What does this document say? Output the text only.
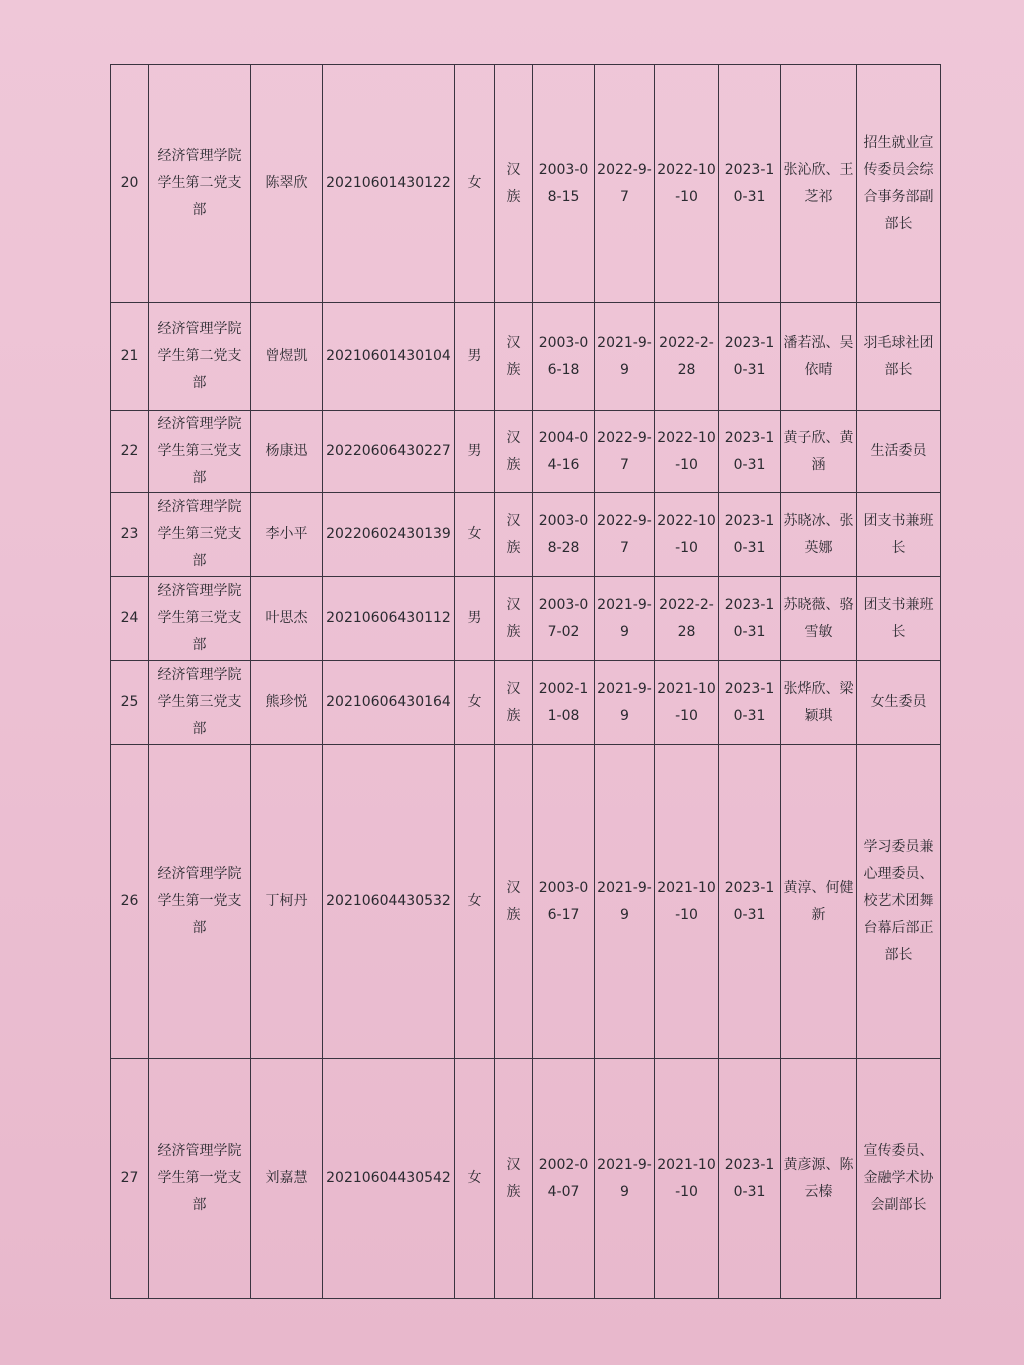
20	经济管理学院学生第二党支部	陈翠欣	20210601430122	女	汉族	2003-08-15	2022-9-7	2022-10-10	2023-10-31	张沁欣、王芝祁	招生就业宣传委员会综合事务部副部长
21	经济管理学院学生第二党支部	曾煜凯	20210601430104	男	汉族	2003-06-18	2021-9-9	2022-2-28	2023-10-31	潘若泓、吴依晴	羽毛球社团部长
22	经济管理学院学生第三党支部	杨康迅	20220606430227	男	汉族	2004-04-16	2022-9-7	2022-10-10	2023-10-31	黄子欣、黄涵	生活委员
23	经济管理学院学生第三党支部	李小平	20220602430139	女	汉族	2003-08-28	2022-9-7	2022-10-10	2023-10-31	苏晓冰、张英娜	团支书兼班长
24	经济管理学院学生第三党支部	叶思杰	20210606430112	男	汉族	2003-07-02	2021-9-9	2022-2-28	2023-10-31	苏晓薇、骆雪敏	团支书兼班长
25	经济管理学院学生第三党支部	熊珍悦	20210606430164	女	汉族	2002-11-08	2021-9-9	2021-10-10	2023-10-31	张烨欣、梁颖琪	女生委员
26	经济管理学院学生第一党支部	丁柯丹	20210604430532	女	汉族	2003-06-17	2021-9-9	2021-10-10	2023-10-31	黄淳、何健新	学习委员兼心理委员、校艺术团舞台幕后部正部长
27	经济管理学院学生第一党支部	刘嘉慧	20210604430542	女	汉族	2002-04-07	2021-9-9	2021-10-10	2023-10-31	黄彦源、陈云榛	宣传委员、金融学术协会副部长
